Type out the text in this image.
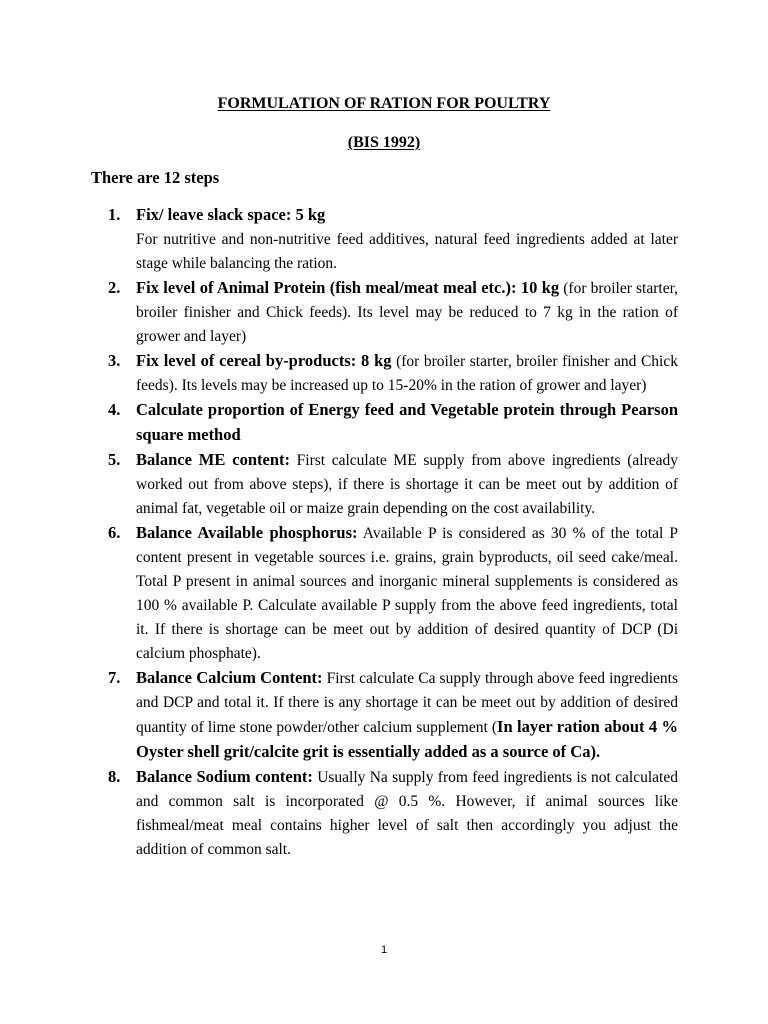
FORMULATION OF RATION FOR POULTRY
(BIS 1992)
There are 12 steps
1. Fix/ leave slack space: 5 kg
For nutritive and non-nutritive feed additives, natural feed ingredients added at later stage while balancing the ration.
2. Fix level of Animal Protein (fish meal/meat meal etc.): 10 kg (for broiler starter, broiler finisher and Chick feeds). Its level may be reduced to 7 kg in the ration of grower and layer)
3. Fix level of cereal by-products: 8 kg (for broiler starter, broiler finisher and Chick feeds). Its levels may be increased up to 15-20% in the ration of grower and layer)
4. Calculate proportion of Energy feed and Vegetable protein through Pearson square method
5. Balance ME content: First calculate ME supply from above ingredients (already worked out from above steps), if there is shortage it can be meet out by addition of animal fat, vegetable oil or maize grain depending on the cost availability.
6. Balance Available phosphorus: Available P is considered as 30 % of the total P content present in vegetable sources i.e. grains, grain byproducts, oil seed cake/meal. Total P present in animal sources and inorganic mineral supplements is considered as 100 % available P. Calculate available P supply from the above feed ingredients, total it. If there is shortage can be meet out by addition of desired quantity of DCP (Di calcium phosphate).
7. Balance Calcium Content: First calculate Ca supply through above feed ingredients and DCP and total it. If there is any shortage it can be meet out by addition of desired quantity of lime stone powder/other calcium supplement (In layer ration about 4 % Oyster shell grit/calcite grit is essentially added as a source of Ca).
8. Balance Sodium content: Usually Na supply from feed ingredients is not calculated and common salt is incorporated @ 0.5 %. However, if animal sources like fishmeal/meat meal contains higher level of salt then accordingly you adjust the addition of common salt.
1
